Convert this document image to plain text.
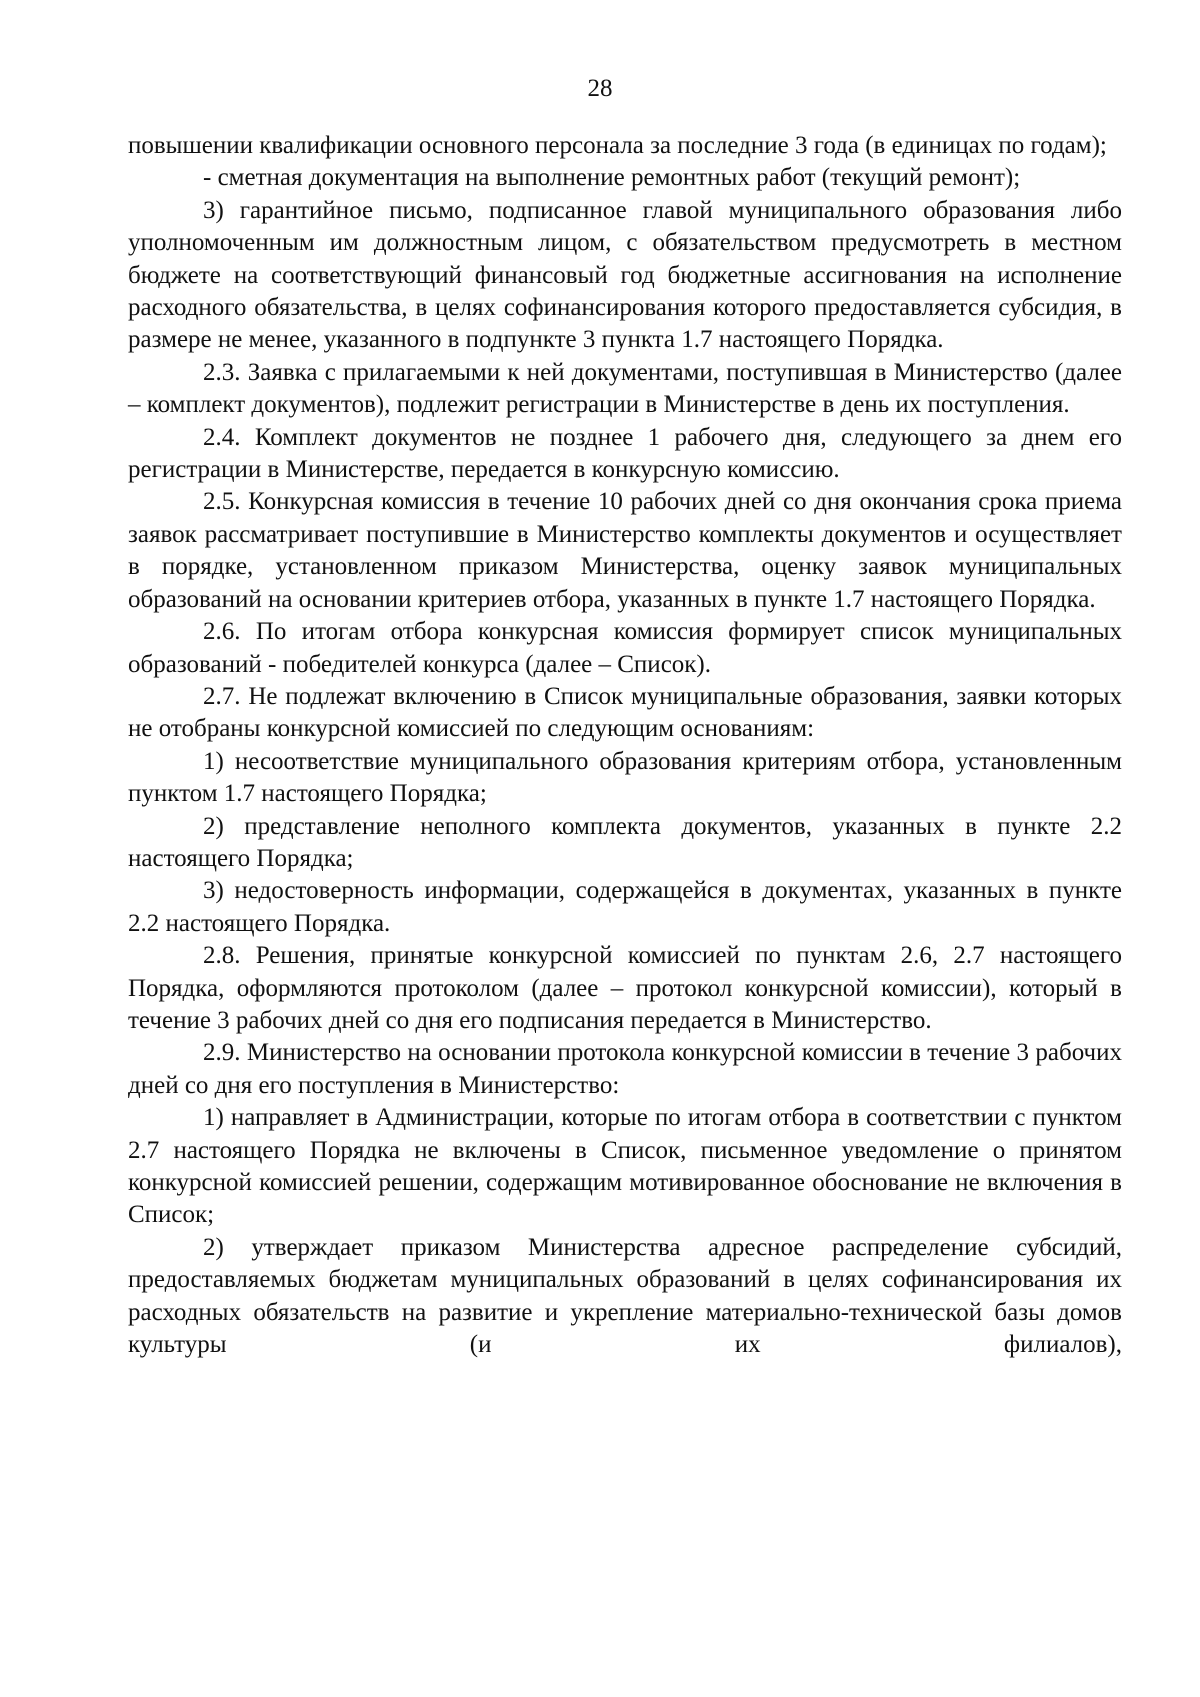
28

повышении квалификации основного персонала за последние 3 года (в единицах по годам);

- сметная документация на выполнение ремонтных работ (текущий ремонт);

3) гарантийное письмо, подписанное главой муниципального образования либо уполномоченным им должностным лицом, с обязательством предусмотреть в местном бюджете на соответствующий финансовый год бюджетные ассигнования на исполнение расходного обязательства, в целях софинансирования которого предоставляется субсидия, в размере не менее, указанного в подпункте 3 пункта 1.7 настоящего Порядка.

2.3. Заявка с прилагаемыми к ней документами, поступившая в Министерство (далее – комплект документов), подлежит регистрации в Министерстве в день их поступления.

2.4. Комплект документов не позднее 1 рабочего дня, следующего за днем его регистрации в Министерстве, передается в конкурсную комиссию.

2.5. Конкурсная комиссия в течение 10 рабочих дней со дня окончания срока приема заявок рассматривает поступившие в Министерство комплекты документов и осуществляет в порядке, установленном приказом Министерства, оценку заявок муниципальных образований на основании критериев отбора, указанных в пункте 1.7 настоящего Порядка.

2.6. По итогам отбора конкурсная комиссия формирует список муниципальных образований - победителей конкурса (далее – Список).

2.7. Не подлежат включению в Список муниципальные образования, заявки которых не отобраны конкурсной комиссией по следующим основаниям:

1) несоответствие муниципального образования критериям отбора, установленным пунктом 1.7 настоящего Порядка;

2) представление неполного комплекта документов, указанных в пункте 2.2 настоящего Порядка;

3) недостоверность информации, содержащейся в документах, указанных в пункте 2.2 настоящего Порядка.

2.8. Решения, принятые конкурсной комиссией по пунктам 2.6, 2.7 настоящего Порядка, оформляются протоколом (далее – протокол конкурсной комиссии), который в течение 3 рабочих дней со дня его подписания передается в Министерство.

2.9. Министерство на основании протокола конкурсной комиссии в течение 3 рабочих дней со дня его поступления в Министерство:

1) направляет в Администрации, которые по итогам отбора в соответствии с пунктом 2.7 настоящего Порядка не включены в Список, письменное уведомление о принятом конкурсной комиссией решении, содержащим мотивированное обоснование не включения в Список;

2) утверждает приказом Министерства адресное распределение субсидий, предоставляемых бюджетам муниципальных образований в целях софинансирования их расходных обязательств на развитие и укрепление материально-технической базы домов культуры (и их филиалов),
